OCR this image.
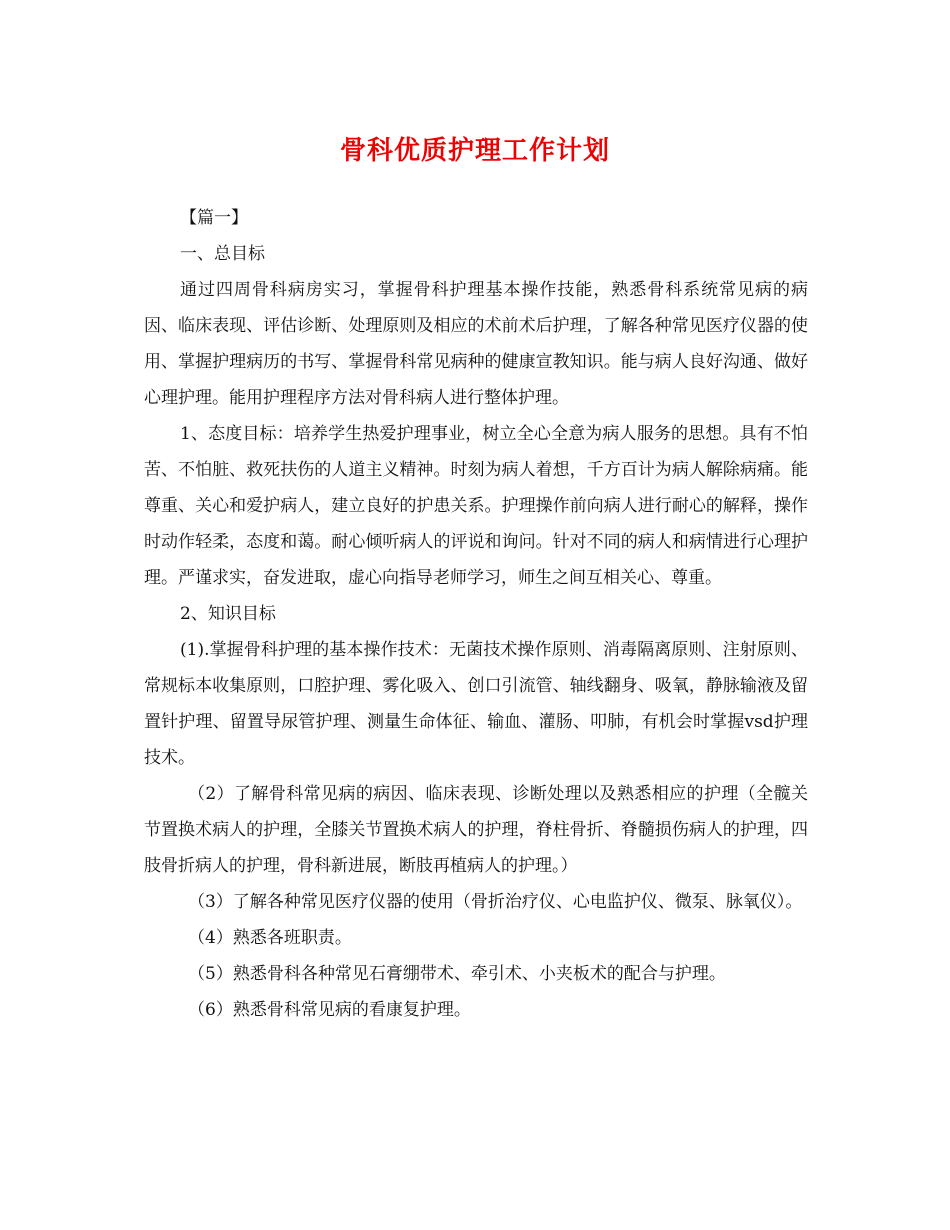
骨科优质护理工作计划

【篇一】

一、总目标

通过四周骨科病房实习，掌握骨科护理基本操作技能，熟悉骨科系统常见病的病因、临床表现、评估诊断、处理原则及相应的术前术后护理，了解各种常见医疗仪器的使用、掌握护理病历的书写、掌握骨科常见病种的健康宣教知识。能与病人良好沟通、做好心理护理。能用护理程序方法对骨科病人进行整体护理。

1、态度目标：培养学生热爱护理事业，树立全心全意为病人服务的思想。具有不怕苦、不怕脏、救死扶伤的人道主义精神。时刻为病人着想，千方百计为病人解除病痛。能尊重、关心和爱护病人，建立良好的护患关系。护理操作前向病人进行耐心的解释，操作时动作轻柔，态度和蔼。耐心倾听病人的评说和询问。针对不同的病人和病情进行心理护理。严谨求实，奋发进取，虚心向指导老师学习，师生之间互相关心、尊重。

2、知识目标

(1).掌握骨科护理的基本操作技术：无菌技术操作原则、消毒隔离原则、注射原则、常规标本收集原则，口腔护理、雾化吸入、创口引流管、轴线翻身、吸氧，静脉输液及留置针护理、留置导尿管护理、测量生命体征、输血、灌肠、叩肺，有机会时掌握vsd护理技术。

（2）了解骨科常见病的病因、临床表现、诊断处理以及熟悉相应的护理（全髋关节置换术病人的护理，全膝关节置换术病人的护理，脊柱骨折、脊髓损伤病人的护理，四肢骨折病人的护理，骨科新进展，断肢再植病人的护理。）

（3）了解各种常见医疗仪器的使用（骨折治疗仪、心电监护仪、微泵、脉氧仪）。

（4）熟悉各班职责。

（5）熟悉骨科各种常见石膏绷带术、牵引术、小夹板术的配合与护理。

（6）熟悉骨科常见病的看康复护理。
